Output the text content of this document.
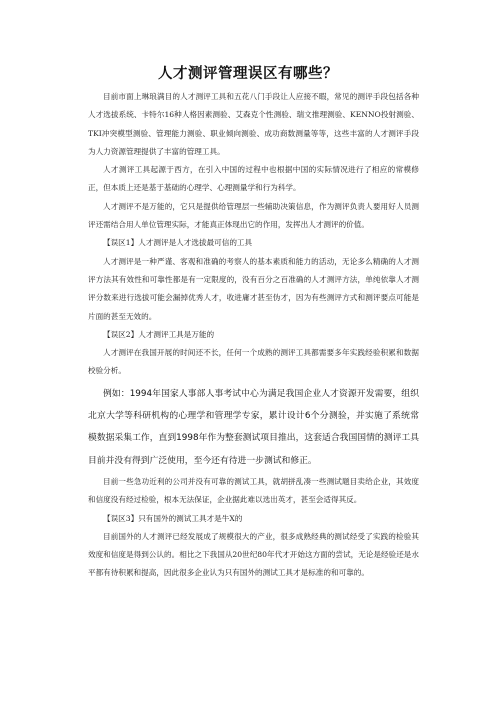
人才测评管理误区有哪些？

目前市面上琳琅满目的人才测评工具和五花八门手段让人应接不暇，常见的测评手段包括各种人才选拔系统、卡特尔16种人格因素测验、艾森克个性测验、瑞文推理测验、KENNO投射测验、TKI冲突模型测验、管理能力测验、职业倾向测验、成功商数测量等等，这些丰富的人才测评手段为人力资源管理提供了丰富的管理工具。

人才测评工具起源于西方，在引入中国的过程中也根据中国的实际情况进行了相应的常模修正，但本质上还是基于基础的心理学、心理测量学和行为科学。

人才测评不是万能的，它只是提供给管理层一些辅助决策信息，作为测评负责人要用好人员测评还需结合用人单位管理实际，才能真正体现出它的作用，发挥出人才测评的价值。

【误区1】人才测评是人才选拔最可信的工具

人才测评是一种严谨、客观和准确的考察人的基本素质和能力的活动，无论多么精确的人才测评方法其有效性和可靠性都是有一定限度的，没有百分之百准确的人才测评方法，单纯依靠人才测评分数来进行选拔可能会漏掉优秀人才，收进庸才甚至伪才，因为有些测评方式和测评要点可能是片面的甚至无效的。

【误区2】人才测评工具是万能的

人才测评在我国开展的时间还不长，任何一个成熟的测评工具都需要多年实践经验积累和数据校验分析。

例如：1994年国家人事部人事考试中心为满足我国企业人才资源开发需要，组织北京大学等科研机构的心理学和管理学专家，累计设计6个分测验，并实施了系统常模数据采集工作，直到1998年作为整套测试项目推出，这套适合我国国情的测评工具目前并没有得到广泛使用，至今还有待进一步测试和修正。

目前一些急功近利的公司并没有可靠的测试工具，就胡拼乱凑一些测试题目卖给企业，其效度和信度没有经过检验，根本无法保证，企业据此难以选出英才，甚至会适得其反。

【误区3】只有国外的测试工具才是牛X的

目前国外的人才测评已经发展成了规模很大的产业，很多成熟经典的测试经受了实践的检验其效度和信度是得到公认的。相比之下我国从20世纪80年代才开始这方面的尝试，无论是经验还是水平都有待积累和提高，因此很多企业认为只有国外的测试工具才是标准的和可靠的。
